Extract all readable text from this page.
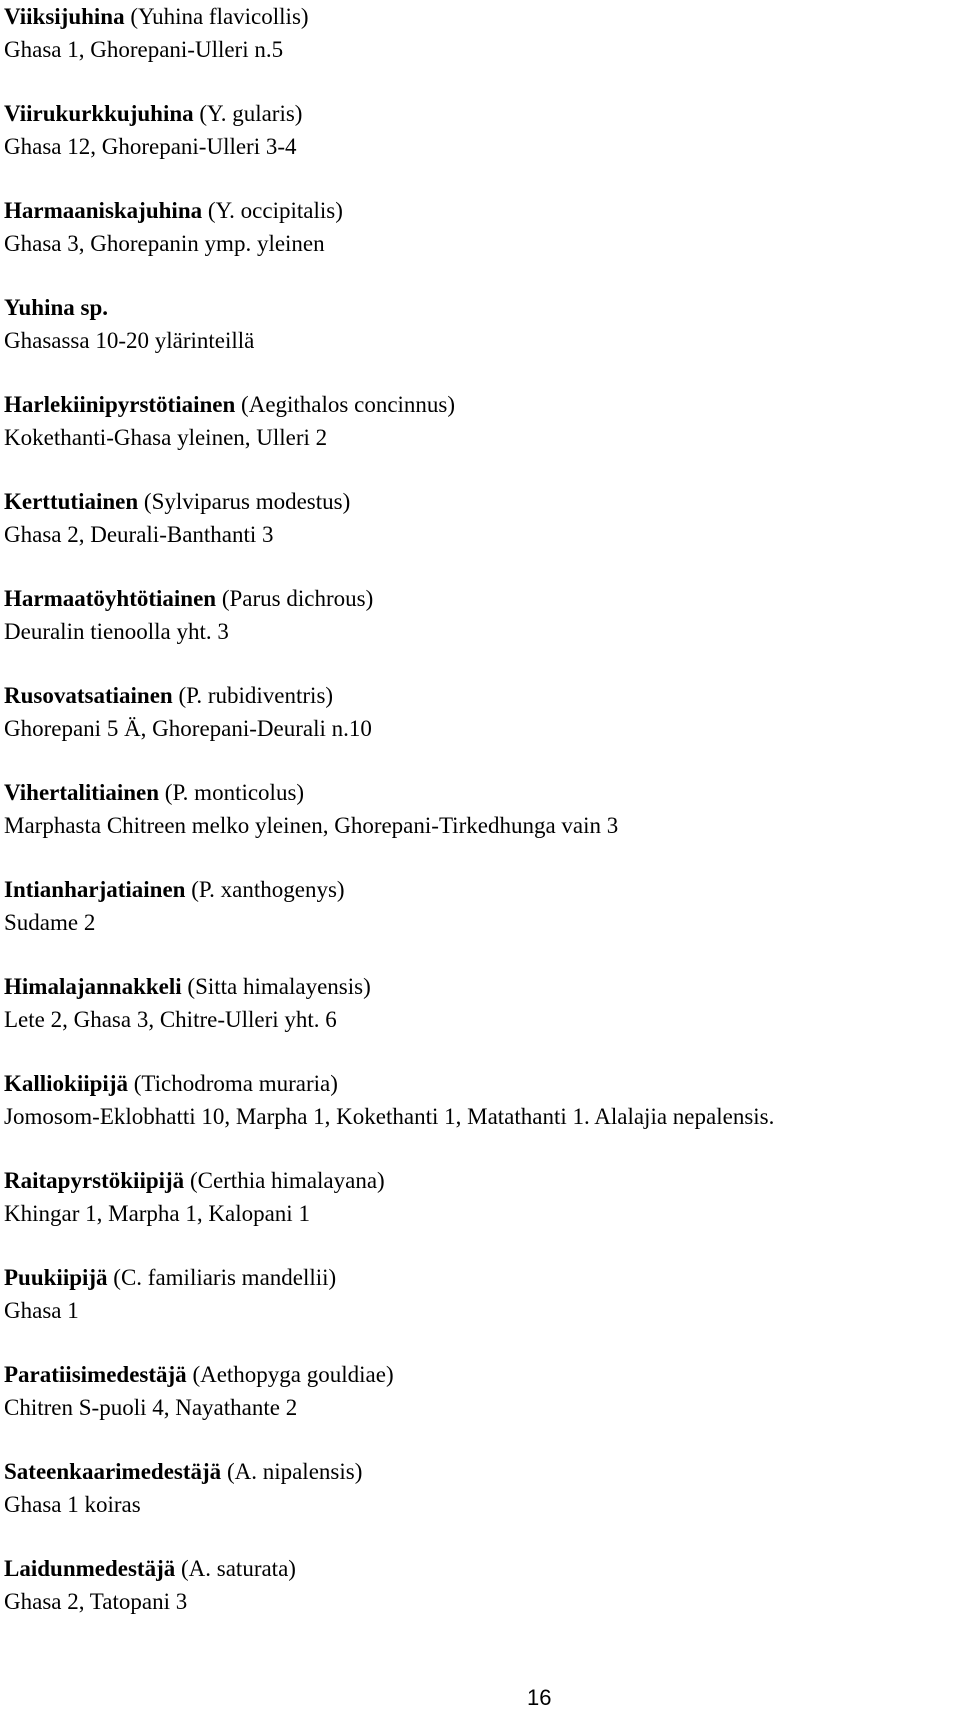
Viiksijuhina (Yuhina flavicollis)
Ghasa 1, Ghorepani-Ulleri n.5
Viirukurkkujuhina (Y. gularis)
Ghasa 12, Ghorepani-Ulleri 3-4
Harmaaniskajuhina (Y. occipitalis)
Ghasa 3, Ghorepanin ymp. yleinen
Yuhina sp.
Ghasassa 10-20 ylärinteillä
Harlekiinipyrstötiainen (Aegithalos concinnus)
Kokethanti-Ghasa yleinen, Ulleri 2
Kerttutiainen (Sylviparus modestus)
Ghasa 2, Deurali-Banthanti 3
Harmaatöyhtötiainen (Parus dichrous)
Deuralin tienoolla yht. 3
Rusovatsatiainen (P. rubidiventris)
Ghorepani 5 Ä, Ghorepani-Deurali n.10
Vihertalitiainen (P. monticolus)
Marphasta Chitreen melko yleinen, Ghorepani-Tirkedhunga vain 3
Intianharjatiainen (P. xanthogenys)
Sudame 2
Himalajannakkeli (Sitta himalayensis)
Lete 2, Ghasa 3, Chitre-Ulleri yht. 6
Kalliokiipijä (Tichodroma muraria)
Jomosom-Eklobhatti 10, Marpha 1, Kokethanti 1, Matathanti 1. Alalajia nepalensis.
Raitapyrstökiipijä (Certhia himalayana)
Khingar 1, Marpha 1, Kalopani 1
Puukiipijä (C. familiaris mandellii)
Ghasa 1
Paratiisimedestäjä (Aethopyga gouldiae)
Chitren S-puoli 4, Nayathante 2
Sateenkaarimedestäjä (A. nipalensis)
Ghasa 1 koiras
Laidunmedestäjä (A. saturata)
Ghasa 2, Tatopani 3
16
